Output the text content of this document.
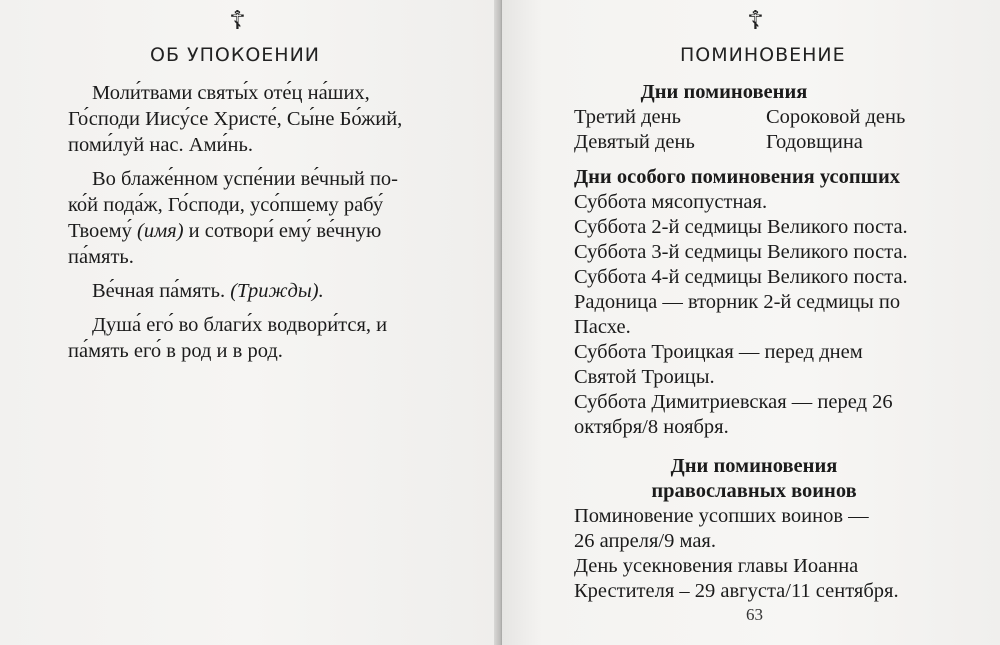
☦
ОБ УПОКОЕНИИ

Моли́твами святы́х оте́ц на́ших,
Го́споди Иису́се Христе́, Сы́не Бо́жий,
поми́луй нас. Ами́нь.

Во блаже́нном успе́нии ве́чный по-
ко́й пода́ж, Го́споди, усо́пшему рабу́
Твоему́ (имя) и сотвори́ ему́ ве́чную
па́мять.

Ве́чная па́мять. (Трижды).

Душа́ его́ во благи́х водвори́тся, и
па́мять его́ в род и в род.

☦
ПОМИНОВЕНИЕ
Дни поминовения
Третий день	Сороковой день
Девятый день	Годовщина
Дни особого поминовения усопших
Суббота мясопустная.
Суббота 2-й седмицы Великого поста.
Суббота 3-й седмицы Великого поста.
Суббота 4-й седмицы Великого поста.
Радоница — вторник 2-й седмицы по
Пасхе.
Суббота Троицкая — перед днем
Святой Троицы.
Суббота Димитриевская — перед 26
октября/8 ноября.
Дни поминовения
православных воинов
Поминовение усопших воинов —
26 апреля/9 мая.
День усекновения главы Иоанна
Крестителя – 29 августа/11 сентября.
63
